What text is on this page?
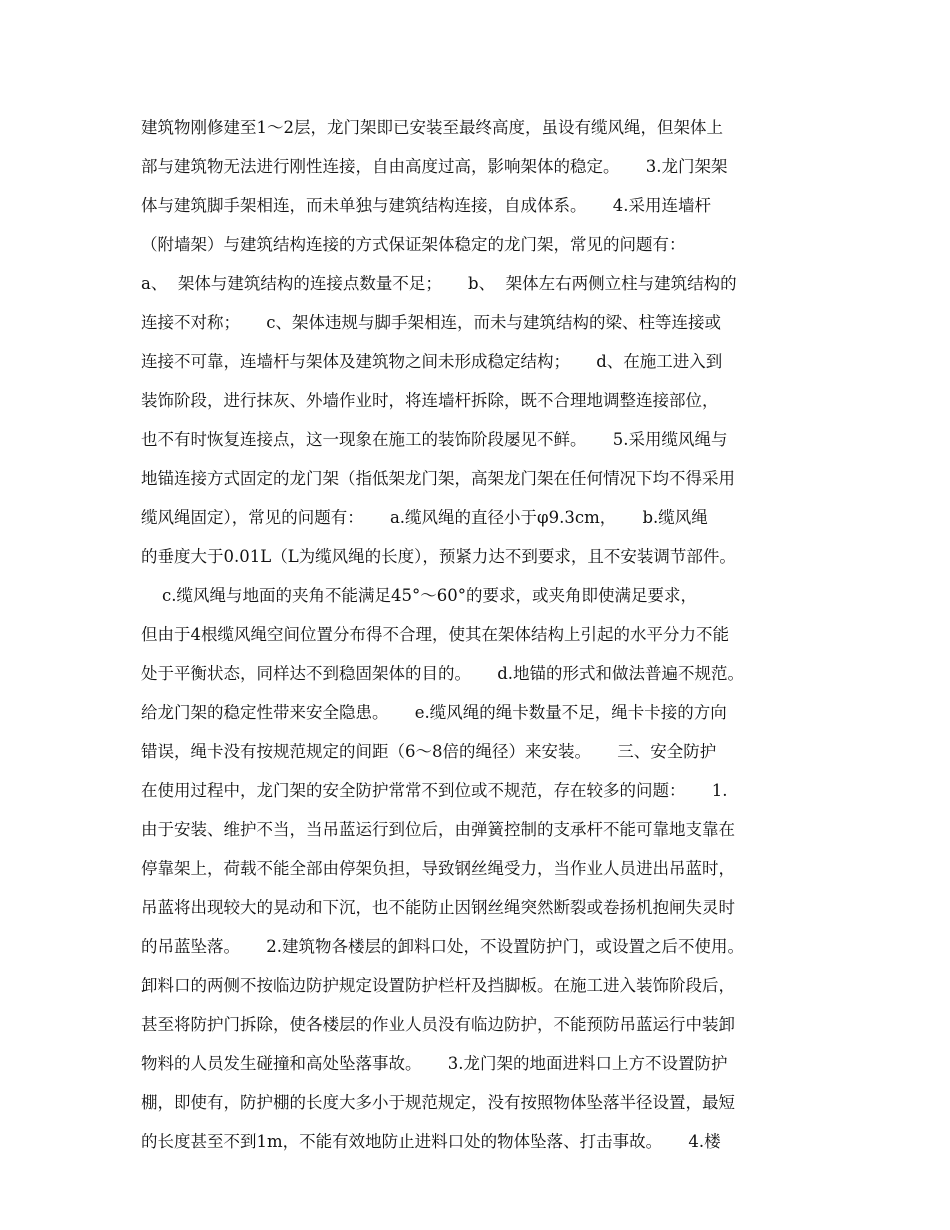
建筑物刚修建至1～2层，龙门架即已安装至最终高度，虽设有缆风绳，但架体上
部与建筑物无法进行刚性连接，自由高度过高，影响架体的稳定。     3.龙门架架
体与建筑脚手架相连，而未单独与建筑结构连接，自成体系。     4.采用连墙杆
（附墙架）与建筑结构连接的方式保证架体稳定的龙门架，常见的问题有：
a、  架体与建筑结构的连接点数量不足；     b、  架体左右两侧立柱与建筑结构的
连接不对称；     c、架体违规与脚手架相连，而未与建筑结构的梁、柱等连接或
连接不可靠，连墙杆与架体及建筑物之间未形成稳定结构；     d、在施工进入到
装饰阶段，进行抹灰、外墙作业时，将连墙杆拆除，既不合理地调整连接部位，
也不有时恢复连接点，这一现象在施工的装饰阶段屡见不鲜。     5.采用缆风绳与
地锚连接方式固定的龙门架（指低架龙门架，高架龙门架在任何情况下均不得采用
缆风绳固定），常见的问题有：     a.缆风绳的直径小于φ9.3cm，     b.缆风绳
的垂度大于0.01L（L为缆风绳的长度），预紧力达不到要求，且不安装调节部件。
c.缆风绳与地面的夹角不能满足45°～60°的要求，或夹角即使满足要求，
但由于4根缆风绳空间位置分布得不合理，使其在架体结构上引起的水平分力不能
处于平衡状态，同样达不到稳固架体的目的。     d.地锚的形式和做法普遍不规范。
给龙门架的稳定性带来安全隐患。     e.缆风绳的绳卡数量不足，绳卡卡接的方向
错误，绳卡没有按规范规定的间距（6～8倍的绳径）来安装。     三、安全防护
在使用过程中，龙门架的安全防护常常不到位或不规范，存在较多的问题：     1.
由于安装、维护不当，当吊蓝运行到位后，由弹簧控制的支承杆不能可靠地支靠在
停靠架上，荷载不能全部由停架负担，导致钢丝绳受力，当作业人员进出吊蓝时，
吊蓝将出现较大的晃动和下沉，也不能防止因钢丝绳突然断裂或卷扬机抱闸失灵时
的吊蓝坠落。     2.建筑物各楼层的卸料口处，不设置防护门，或设置之后不使用。
卸料口的两侧不按临边防护规定设置防护栏杆及挡脚板。在施工进入装饰阶段后，
甚至将防护门拆除，使各楼层的作业人员没有临边防护，不能预防吊蓝运行中装卸
物料的人员发生碰撞和高处坠落事故。     3.龙门架的地面进料口上方不设置防护
棚，即使有，防护棚的长度大多小于规范规定，没有按照物体坠落半径设置，最短
的长度甚至不到1m，不能有效地防止进料口处的物体坠落、打击事故。     4.楼
